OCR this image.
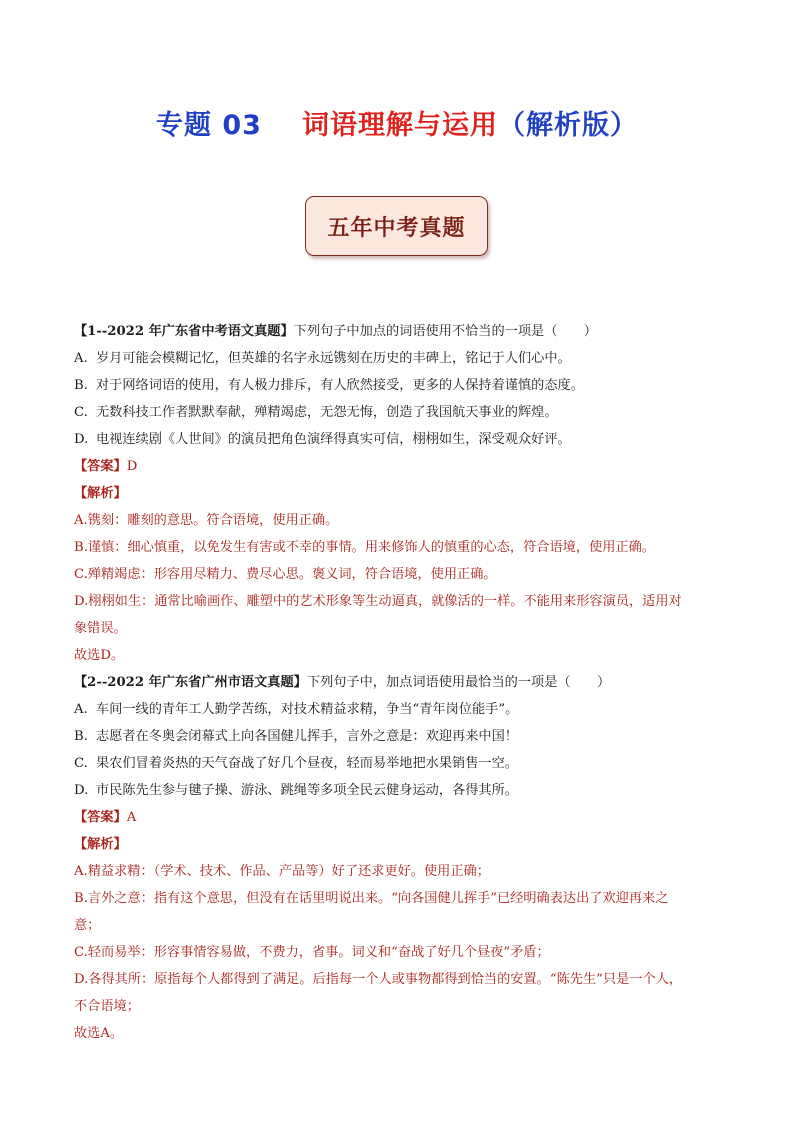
专题 03 词语理解与运用（解析版）
五年中考真题
【1--2022 年广东省中考语文真题】下列句子中加点的词语使用不恰当的一项是（　　）
A. 岁月可能会模糊记忆，但英雄的名字永远镌刻在历史的丰碑上，铭记于人们心中。
B. 对于网络词语的使用，有人极力排斥，有人欣然接受，更多的人保持着谨慎的态度。
C. 无数科技工作者默默奉献，殚精竭虑，无怨无悔，创造了我国航天事业的辉煌。
D. 电视连续剧《人世间》的演员把角色演绎得真实可信，栩栩如生，深受观众好评。
【答案】D
【解析】
A.镌刻：雕刻的意思。符合语境，使用正确。
B.谨慎：细心慎重，以免发生有害或不幸的事情。用来修饰人的慎重的心态，符合语境，使用正确。
C.殚精竭虑：形容用尽精力、费尽心思。褒义词，符合语境，使用正确。
D.栩栩如生：通常比喻画作、雕塑中的艺术形象等生动逼真，就像活的一样。不能用来形容演员，适用对
象错误。
故选D。
【2--2022 年广东省广州市语文真题】下列句子中，加点词语使用最恰当的一项是（　　）
A. 车间一线的青年工人勤学苦练，对技术精益求精，争当“青年岗位能手”。
B. 志愿者在冬奥会闭幕式上向各国健儿挥手，言外之意是：欢迎再来中国！
C. 果农们冒着炎热的天气奋战了好几个昼夜，轻而易举地把水果销售一空。
D. 市民陈先生参与毽子操、游泳、跳绳等多项全民云健身运动，各得其所。
【答案】A
【解析】
A.精益求精：（学术、技术、作品、产品等）好了还求更好。使用正确；
B.言外之意：指有这个意思，但没有在话里明说出来。“向各国健儿挥手”已经明确表达出了欢迎再来之
意；
C.轻而易举：形容事情容易做，不费力，省事。词义和“奋战了好几个昼夜”矛盾；
D.各得其所：原指每个人都得到了满足。后指每一个人或事物都得到恰当的安置。“陈先生”只是一个人，
不合语境；
故选A。
